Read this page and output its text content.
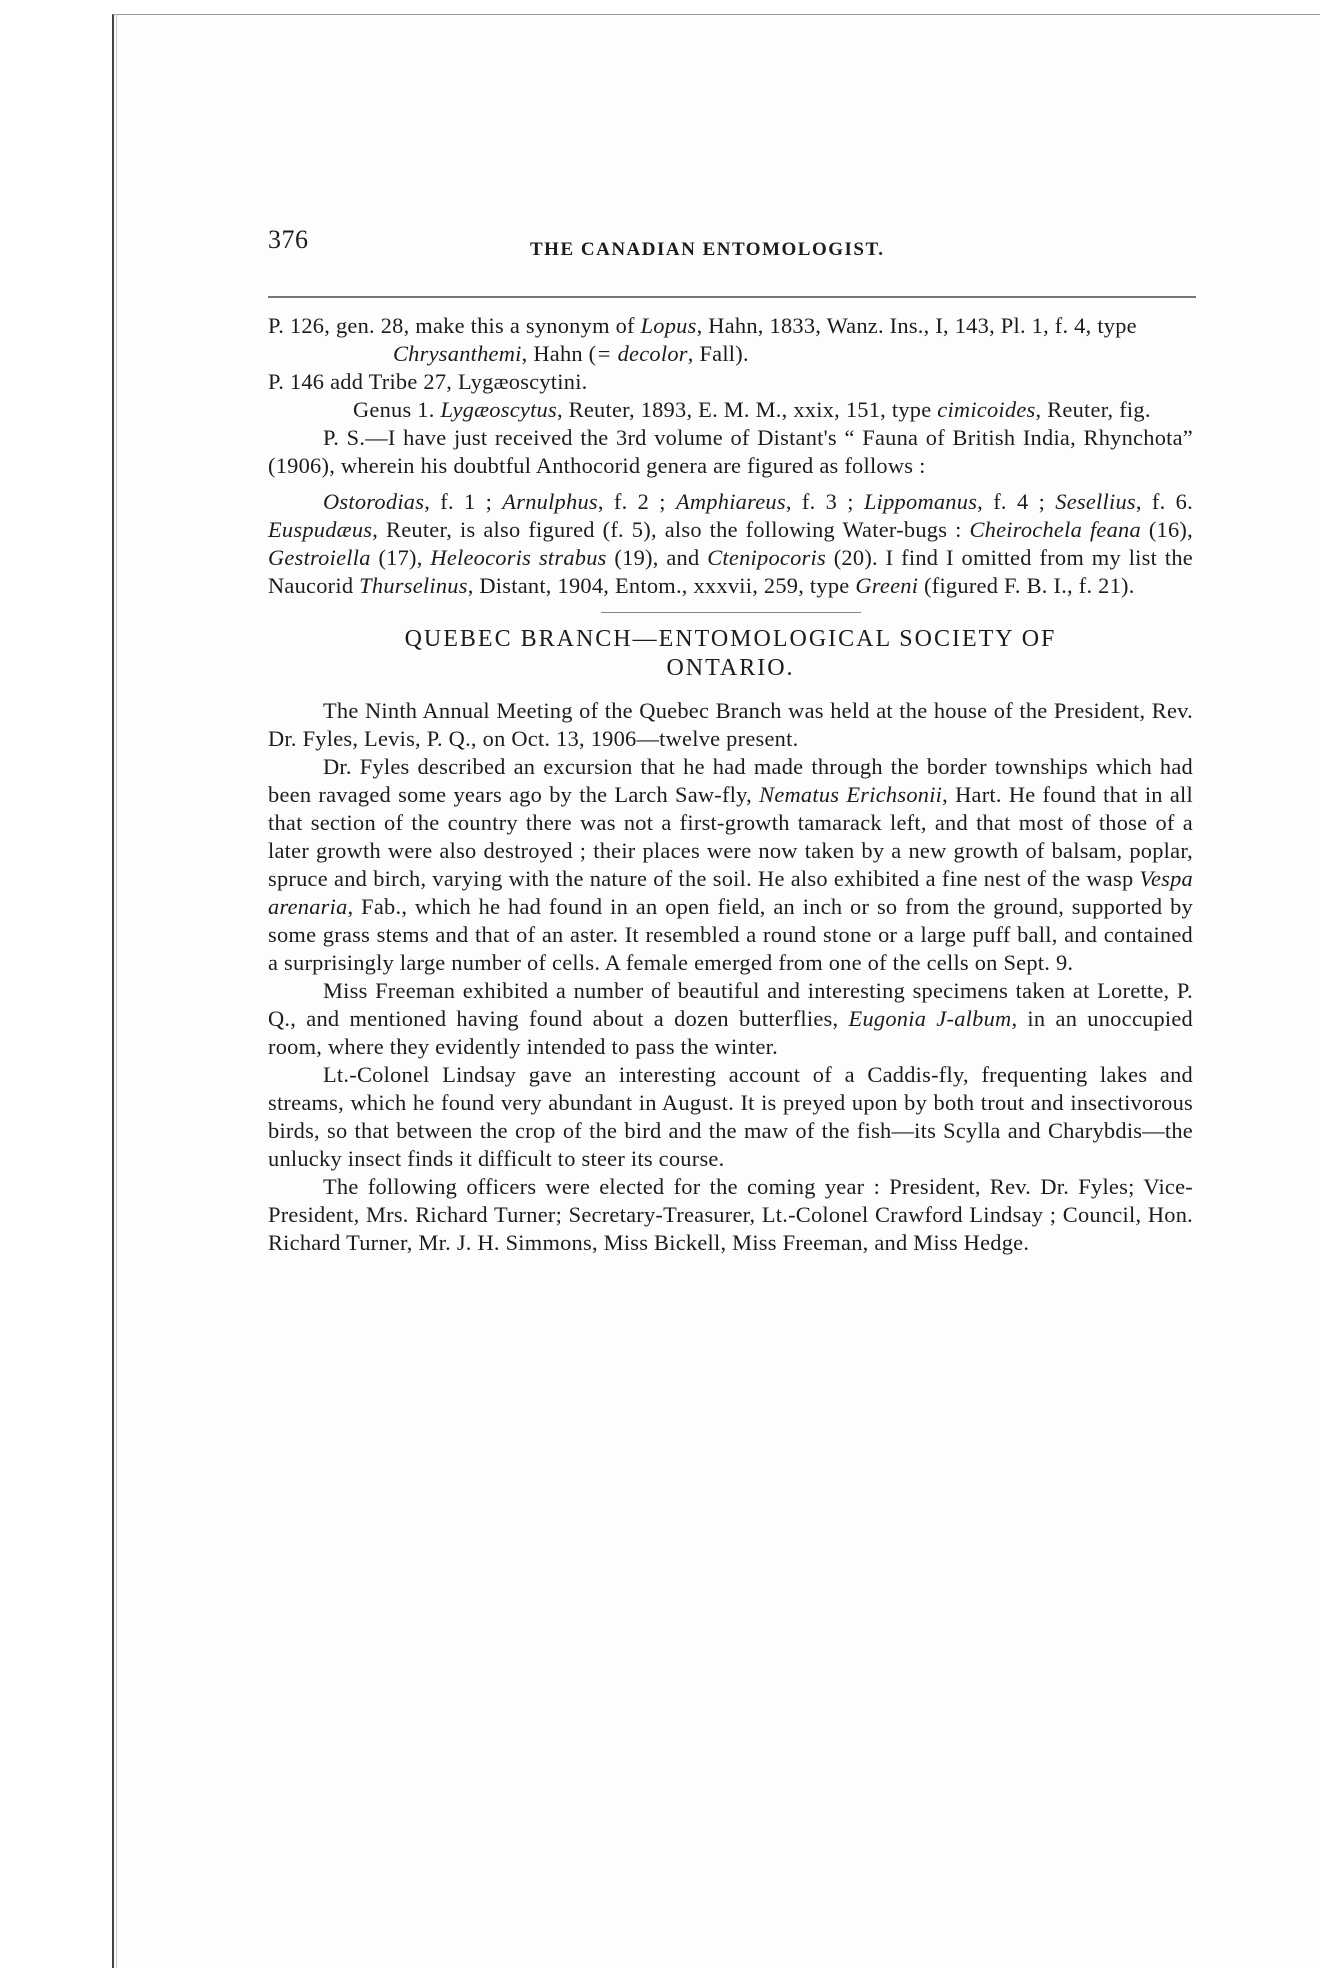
376	THE CANADIAN ENTOMOLOGIST.

P. 126, gen. 28, make this a synonym of Lopus, Hahn, 1833, Wanz. Ins., I, 143, Pl. 1, f. 4, type Chrysanthemi, Hahn (= decolor, Fall).

P. 146 add Tribe 27, Lygæoscytini.

Genus 1. Lygæoscytus, Reuter, 1893, E. M. M., xxix, 151, type cimicoides, Reuter, fig.

P. S.—I have just received the 3rd volume of Distant's “ Fauna of British India, Rhynchota” (1906), wherein his doubtful Anthocorid genera are figured as follows :

Ostorodias, f. 1 ; Arnulphus, f. 2 ; Amphiareus, f. 3 ; Lippomanus, f. 4 ; Sesellius, f. 6. Euspudæus, Reuter, is also figured (f. 5), also the following Water-bugs : Cheirochela feana (16), Gestroiella (17), Heleocoris strabus (19), and Ctenipocoris (20). I find I omitted from my list the Naucorid Thurselinus, Distant, 1904, Entom., xxxvii, 259, type Greeni (figured F. B. I., f. 21).

QUEBEC BRANCH—ENTOMOLOGICAL SOCIETY OF
ONTARIO.

The Ninth Annual Meeting of the Quebec Branch was held at the house of the President, Rev. Dr. Fyles, Levis, P. Q., on Oct. 13, 1906—twelve present.

Dr. Fyles described an excursion that he had made through the border townships which had been ravaged some years ago by the Larch Saw-fly, Nematus Erichsonii, Hart. He found that in all that section of the country there was not a first-growth tamarack left, and that most of those of a later growth were also destroyed ; their places were now taken by a new growth of balsam, poplar, spruce and birch, varying with the nature of the soil. He also exhibited a fine nest of the wasp Vespa arenaria, Fab., which he had found in an open field, an inch or so from the ground, supported by some grass stems and that of an aster. It resembled a round stone or a large puff ball, and contained a surprisingly large number of cells. A female emerged from one of the cells on Sept. 9.

Miss Freeman exhibited a number of beautiful and interesting specimens taken at Lorette, P. Q., and mentioned having found about a dozen butterflies, Eugonia J-album, in an unoccupied room, where they evidently intended to pass the winter.

Lt.-Colonel Lindsay gave an interesting account of a Caddis-fly, frequenting lakes and streams, which he found very abundant in August. It is preyed upon by both trout and insectivorous birds, so that between the crop of the bird and the maw of the fish—its Scylla and Charybdis—the unlucky insect finds it difficult to steer its course.

The following officers were elected for the coming year : President, Rev. Dr. Fyles; Vice-President, Mrs. Richard Turner; Secretary-Treasurer, Lt.-Colonel Crawford Lindsay ; Council, Hon. Richard Turner, Mr. J. H. Simmons, Miss Bickell, Miss Freeman, and Miss Hedge.
